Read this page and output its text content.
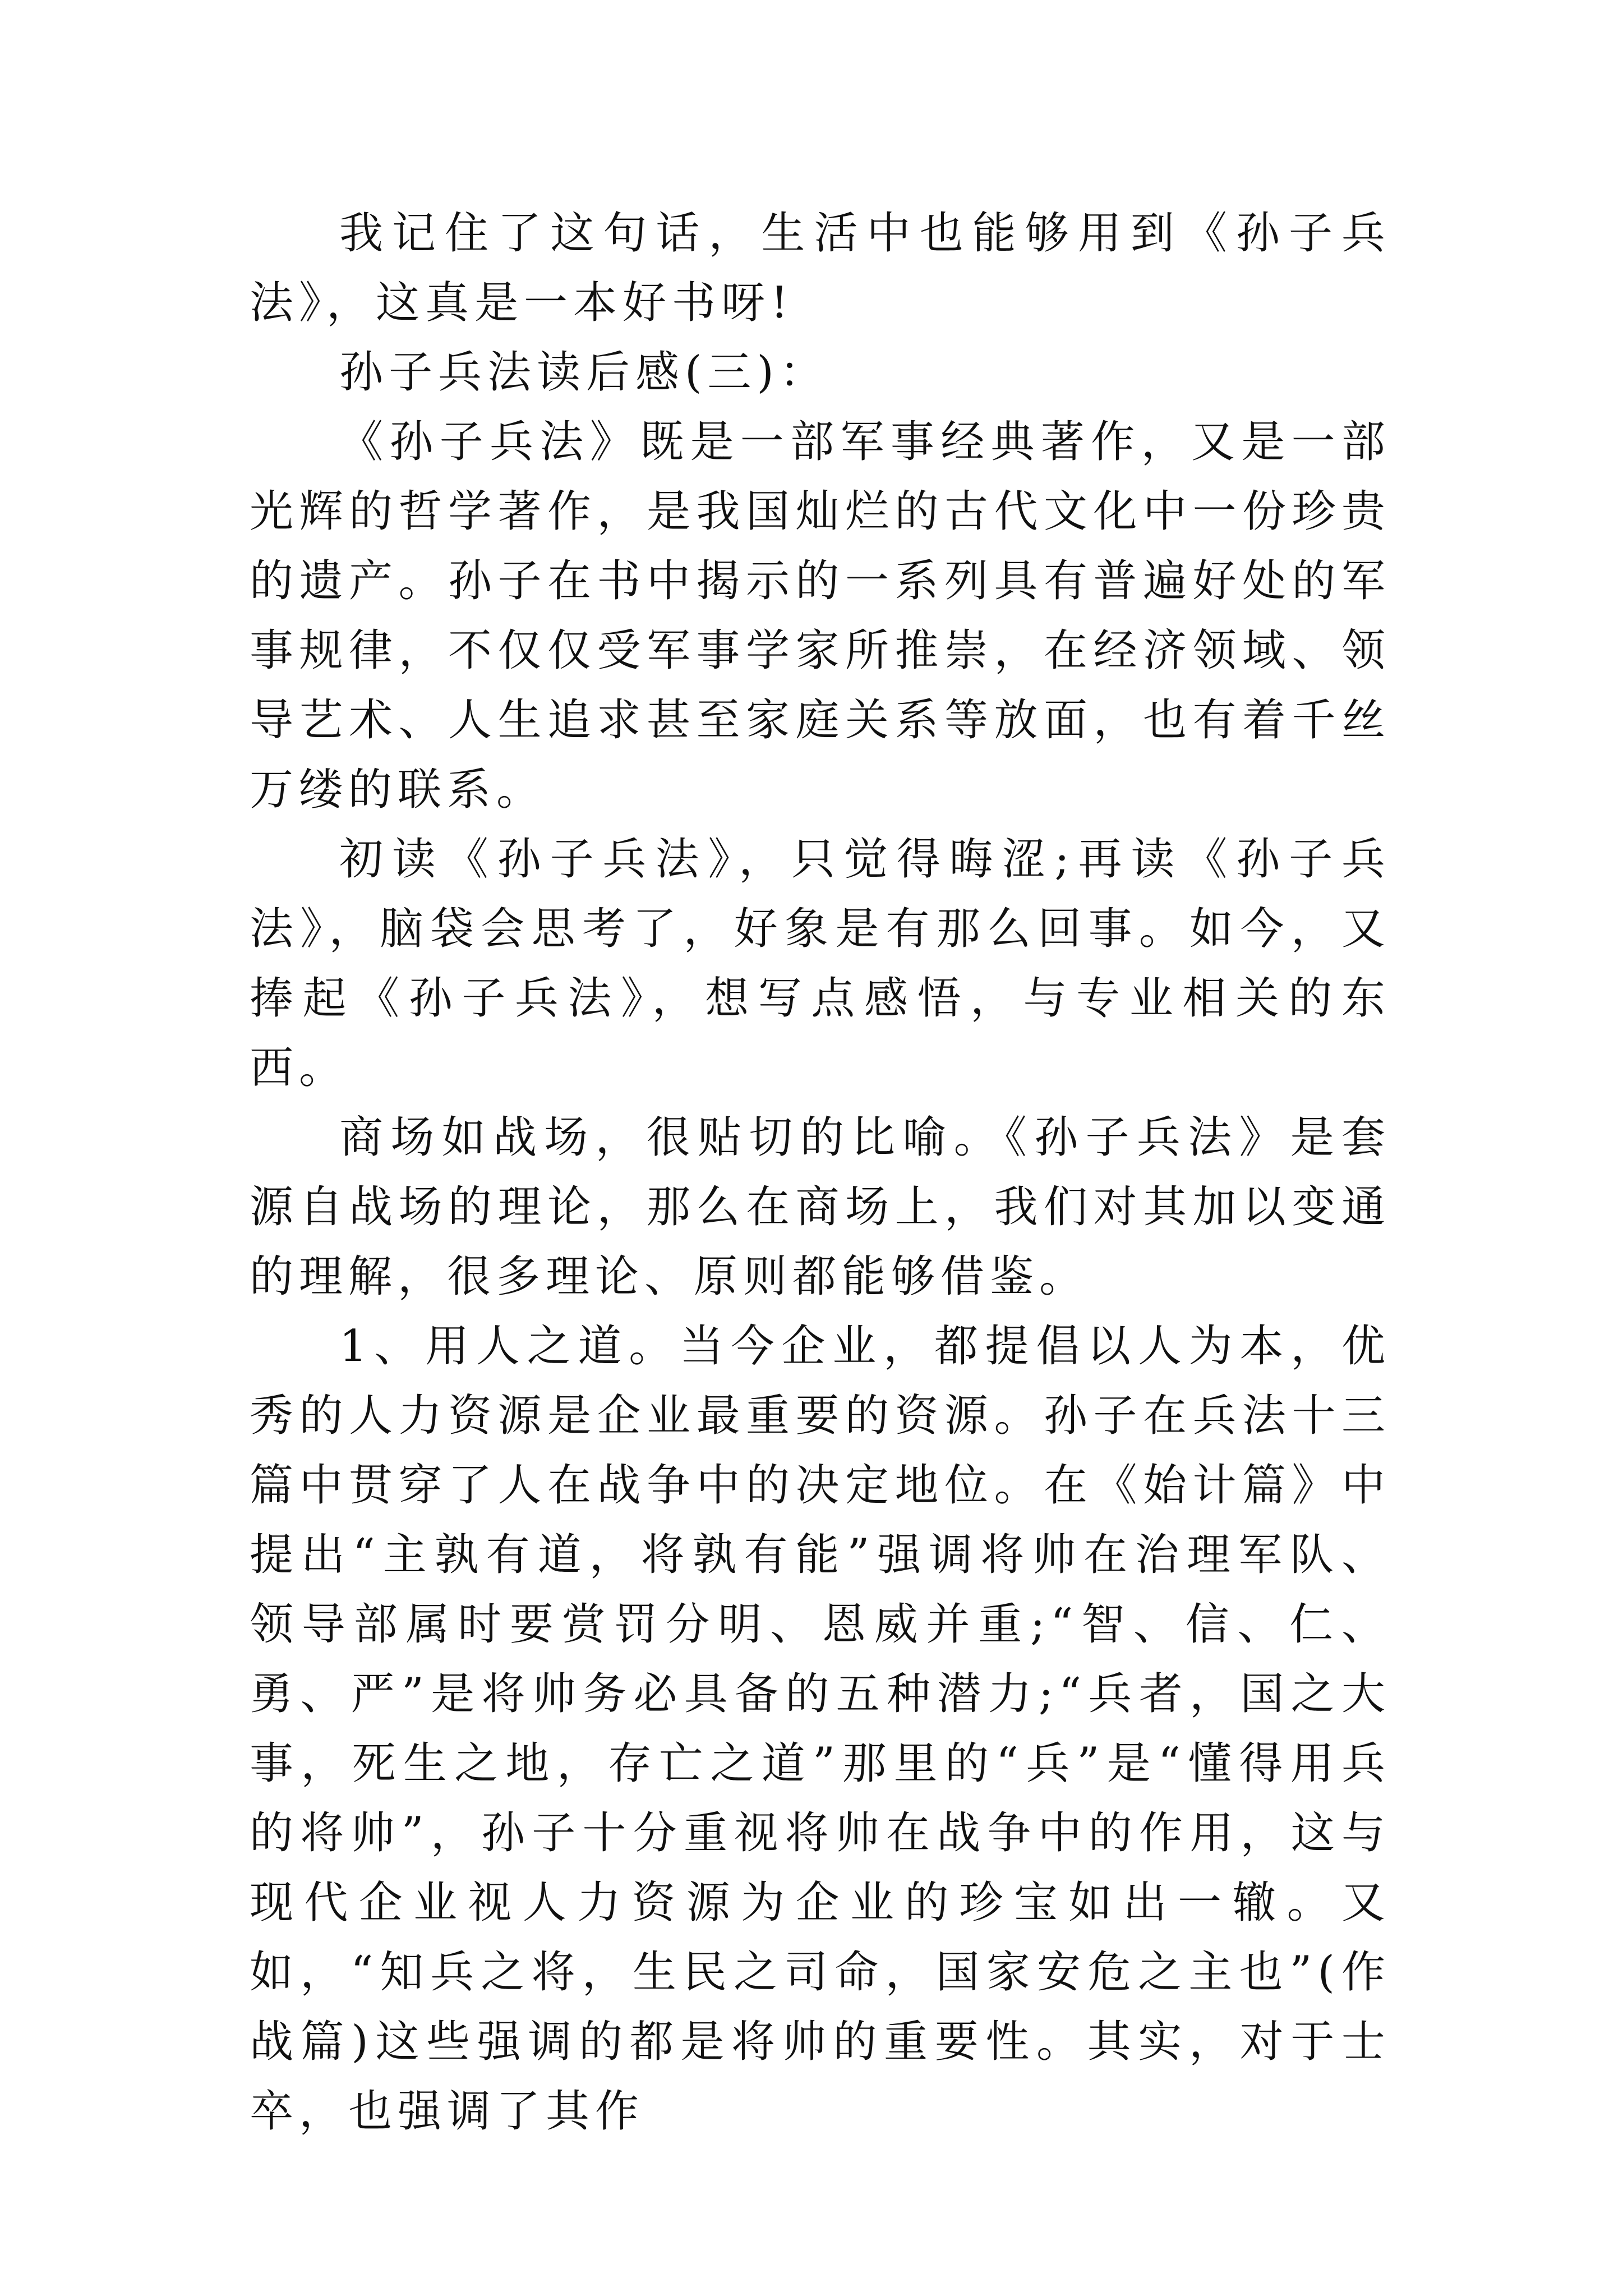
我记住了这句话，生活中也能够用到《孙子兵法》，这真是一本好书呀!

孙子兵法读后感(三)：

《孙子兵法》既是一部军事经典著作，又是一部光辉的哲学著作，是我国灿烂的古代文化中一份珍贵的遗产。孙子在书中揭示的一系列具有普遍好处的军事规律，不仅仅受军事学家所推崇，在经济领域、领导艺术、人生追求甚至家庭关系等放面，也有着千丝万缕的联系。

初读《孙子兵法》，只觉得晦涩;再读《孙子兵法》，脑袋会思考了，好象是有那么回事。如今，又捧起《孙子兵法》，想写点感悟，与专业相关的东西。

商场如战场，很贴切的比喻。《孙子兵法》是套源自战场的理论，那么在商场上，我们对其加以变通的理解，很多理论、原则都能够借鉴。

1、用人之道。当今企业，都提倡以人为本，优秀的人力资源是企业最重要的资源。孙子在兵法十三篇中贯穿了人在战争中的决定地位。在《始计篇》中提出“主孰有道，将孰有能”强调将帅在治理军队、领导部属时要赏罚分明、恩威并重;“智、信、仁、勇、严”是将帅务必具备的五种潜力;“兵者，国之大事，死生之地，存亡之道”那里的“兵”是“懂得用兵的将帅”，孙子十分重视将帅在战争中的作用，这与现代企业视人力资源为企业的珍宝如出一辙。又如，“知兵之将，生民之司命，国家安危之主也”(作战篇)这些强调的都是将帅的重要性。其实，对于士卒，也强调了其作
